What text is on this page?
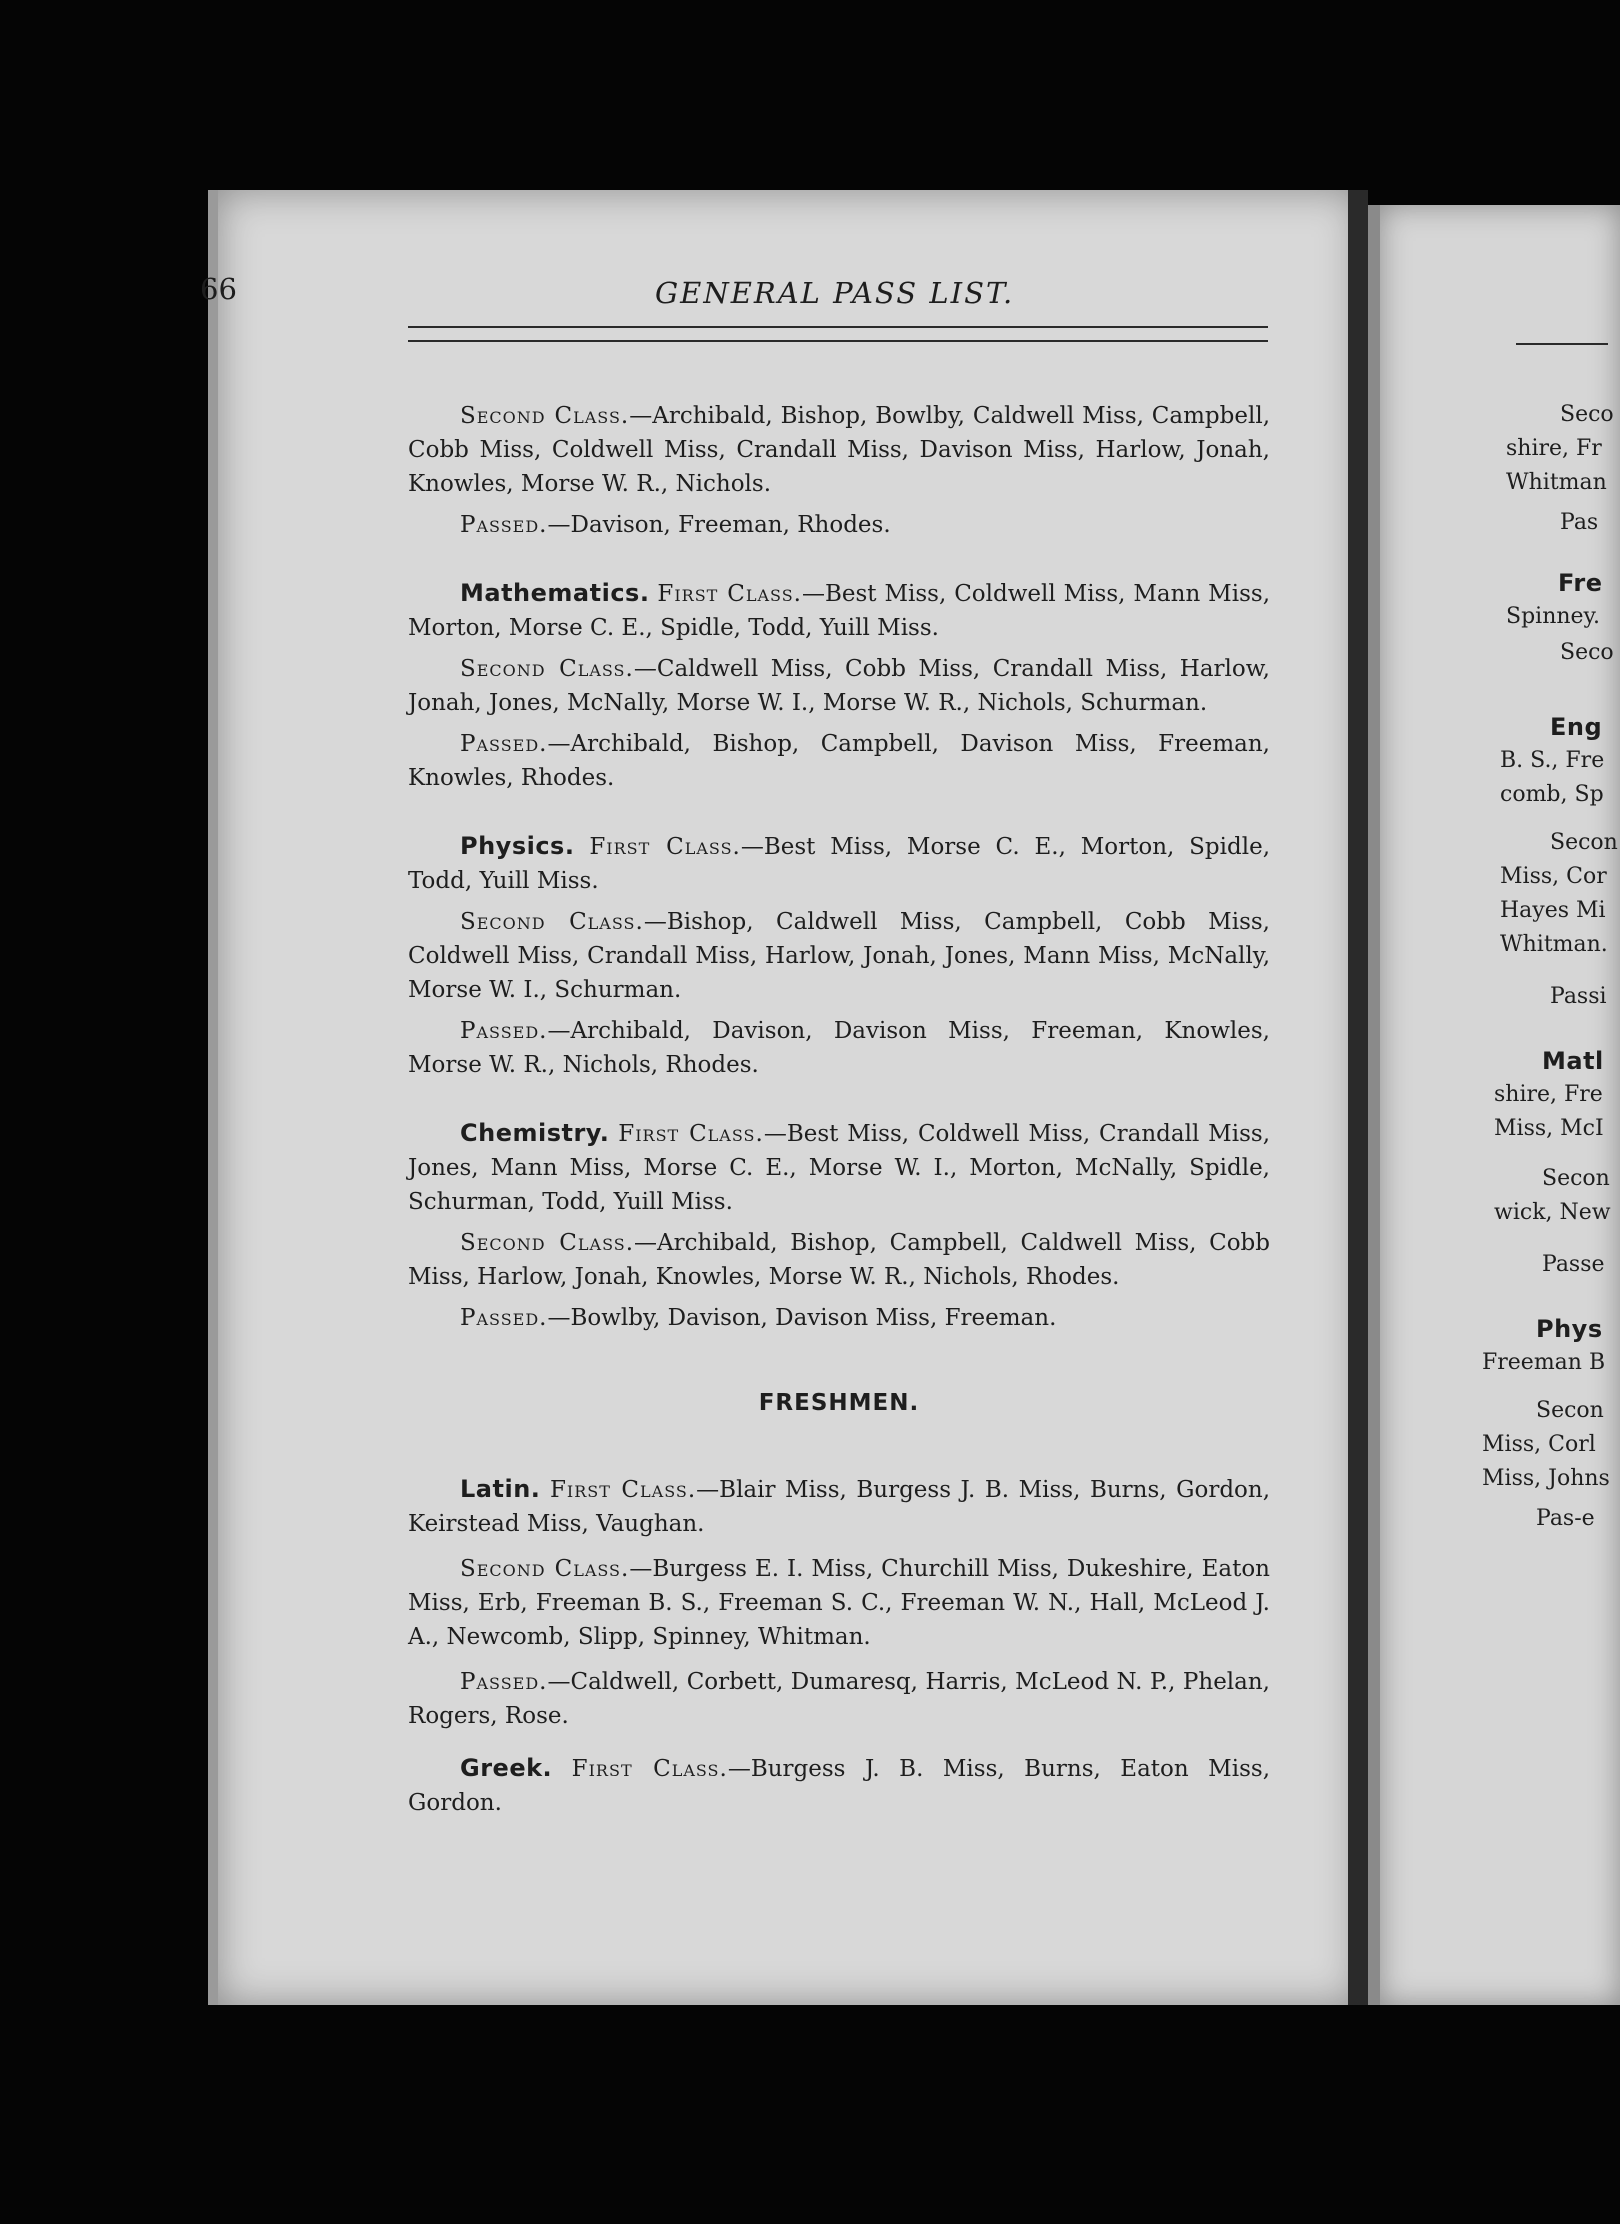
66	GENERAL PASS LIST.

Second Class.—Archibald, Bishop, Bowlby, Caldwell Miss, Campbell, Cobb Miss, Coldwell Miss, Crandall Miss, Davison Miss, Harlow, Jonah, Knowles, Morse W. R., Nichols.

Passed.—Davison, Freeman, Rhodes.

Mathematics. First Class.—Best Miss, Coldwell Miss, Mann Miss, Morton, Morse C. E., Spidle, Todd, Yuill Miss.

Second Class.—Caldwell Miss, Cobb Miss, Crandall Miss, Harlow, Jonah, Jones, McNally, Morse W. I., Morse W. R., Nichols, Schurman.

Passed.—Archibald, Bishop, Campbell, Davison Miss, Freeman, Knowles, Rhodes.

Physics. First Class.—Best Miss, Morse C. E., Morton, Spidle, Todd, Yuill Miss.

Second Class.—Bishop, Caldwell Miss, Campbell, Cobb Miss, Coldwell Miss, Crandall Miss, Harlow, Jonah, Jones, Mann Miss, McNally, Morse W. I., Schurman.

Passed.—Archibald, Davison, Davison Miss, Freeman, Knowles, Morse W. R., Nichols, Rhodes.

Chemistry. First Class.—Best Miss, Coldwell Miss, Crandall Miss, Jones, Mann Miss, Morse C. E., Morse W. I., Morton, McNally, Spidle, Schurman, Todd, Yuill Miss.

Second Class.—Archibald, Bishop, Campbell, Caldwell Miss, Cobb Miss, Harlow, Jonah, Knowles, Morse W. R., Nichols, Rhodes.

Passed.—Bowlby, Davison, Davison Miss, Freeman.

FRESHMEN.

Latin. First Class.—Blair Miss, Burgess J. B. Miss, Burns, Gordon, Keirstead Miss, Vaughan.

Second Class.—Burgess E. I. Miss, Churchill Miss, Dukeshire, Eaton Miss, Erb, Freeman B. S., Freeman S. C., Freeman W. N., Hall, McLeod J. A., Newcomb, Slipp, Spinney, Whitman.

Passed.—Caldwell, Corbett, Dumaresq, Harris, McLeod N. P., Phelan, Rogers, Rose.

Greek. First Class.—Burgess J. B. Miss, Burns, Eaton Miss, Gordon.

Seco
shire, Fr
Whitman
Pas
Fre
Spinney.
Seco
Eng
B. S., Fre
comb, Sp
Secon
Miss, Cor
Hayes Mi
Whitman.
Passi
Matl
shire, Fre
Miss, McI
Secon
wick, New
Passe
Phys
Freeman B
Secon
Miss, Corl
Miss, Johns
Pas-e
